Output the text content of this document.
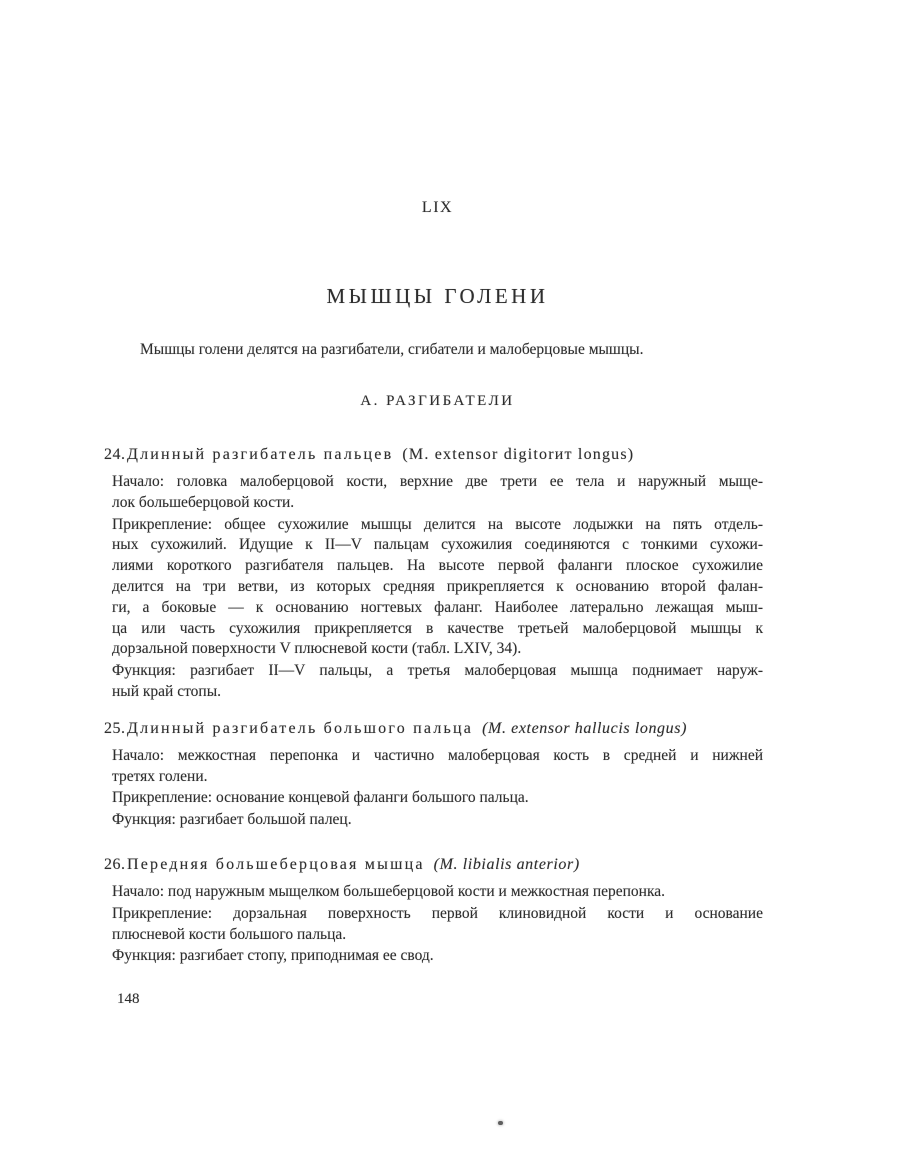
LIX
МЫШЦЫ ГОЛЕНИ

Мышцы голени делятся на разгибатели, сгибатели и малоберцовые мышцы.

А. РАЗГИБАТЕЛИ
24. Длинный разгибатель пальцев (M. extensor digitorит longus)
Начало: головка малоберцовой кости, верхние две трети ее тела и наружный мыще-
лок большеберцовой кости.
Прикрепление: общее сухожилие мышцы делится на высоте лодыжки на пять отдель-
ных сухожилий. Идущие к II—V пальцам сухожилия соединяются с тонкими сухожи-
лиями короткого разгибателя пальцев. На высоте первой фаланги плоское сухожилие
делится на три ветви, из которых средняя прикрепляется к основанию второй фалан-
ги, а боковые — к основанию ногтевых фаланг. Наиболее латерально лежащая мыш-
ца или часть сухожилия прикрепляется в качестве третьей малоберцовой мышцы к
дорзальной поверхности V плюсневой кости (табл. LXIV, 34).
Функция: разгибает II—V пальцы, а третья малоберцовая мышца поднимает наруж-
ный край стопы.
25. Длинный разгибатель большого пальца (M. extensor hallucis longus)
Начало: межкостная перепонка и частично малоберцовая кость в средней и нижней
третях голени.
Прикрепление: основание концевой фаланги большого пальца.
Функция: разгибает большой палец.
26. Передняя большеберцовая мышца (M. libialis anterior)
Начало: под наружным мыщелком большеберцовой кости и межкостная перепонка.
Прикрепление: дорзальная поверхность первой клиновидной кости и основание
плюсневой кости большого пальца.
Функция: разгибает стопу, приподнимая ее свод.
148
